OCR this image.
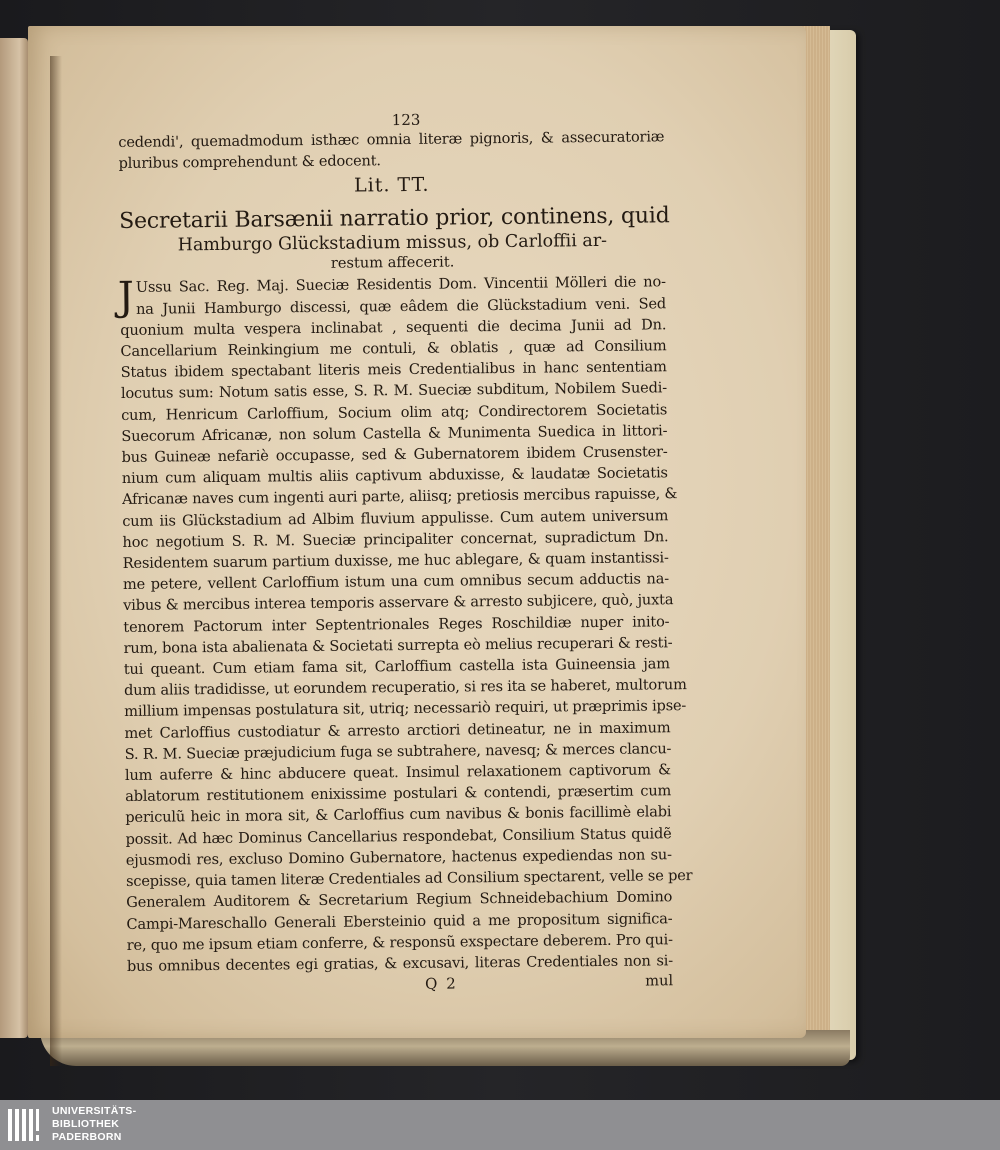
123
cedendi', quemadmodum isthæc omnia literæ pignoris, & assecuratoriæ
pluribus comprehendunt & edocent.
Lit. TT.
Secretarii Barsænii narratio prior, continens, quid
Hamburgo Glückstadium missus, ob Carloffii ar-
restum affecerit.
J Ussu Sac. Reg. Maj. Sueciæ Residentis Dom. Vincentii Mölleri die no-
na Junii Hamburgo discessi, quæ eâdem die Glückstadium veni. Sed
quonium multa vespera inclinabat , sequenti die decima Junii ad Dn.
Cancellarium Reinkingium me contuli, & oblatis , quæ ad Consilium
Status ibidem spectabant literis meis Credentialibus in hanc sententiam
locutus sum: Notum satis esse, S. R. M. Sueciæ subditum, Nobilem Suedi-
cum, Henricum Carloffium, Socium olim atq; Condirectorem Societatis
Suecorum Africanæ, non solum Castella & Munimenta Suedica in littori-
bus Guineæ nefariè occupasse, sed & Gubernatorem ibidem Crusenster-
nium cum aliquam multis aliis captivum abduxisse, & laudatæ Societatis
Africanæ naves cum ingenti auri parte, aliisq; pretiosis mercibus rapuisse, &
cum iis Glückstadium ad Albim fluvium appulisse. Cum autem universum
hoc negotium S. R. M. Sueciæ principaliter concernat, supradictum Dn.
Residentem suarum partium duxisse, me huc ablegare, & quam instantissi-
me petere, vellent Carloffium istum una cum omnibus secum adductis na-
vibus & mercibus interea temporis asservare & arresto subjicere, quò, juxta
tenorem Pactorum inter Septentrionales Reges Roschildiæ nuper inito-
rum, bona ista abalienata & Societati surrepta eò melius recuperari & resti-
tui queant. Cum etiam fama sit, Carloffium castella ista Guineensia jam
dum aliis tradidisse, ut eorundem recuperatio, si res ita se haberet, multorum
millium impensas postulatura sit, utriq; necessariò requiri, ut præprimis ipse-
met Carloffius custodiatur & arresto arctiori detineatur, ne in maximum
S. R. M. Sueciæ præjudicium fuga se subtrahere, navesq; & merces clancu-
lum auferre & hinc abducere queat. Insimul relaxationem captivorum &
ablatorum restitutionem enixissime postulari & contendi, præsertim cum
periculũ heic in mora sit, & Carloffius cum navibus & bonis facillimè elabi
possit. Ad hæc Dominus Cancellarius respondebat, Consilium Status quidẽ
ejusmodi res, excluso Domino Gubernatore, hactenus expediendas non su-
scepisse, quia tamen literæ Credentiales ad Consilium spectarent, velle se per
Generalem Auditorem & Secretarium Regium Schneidebachium Domino
Campi-Mareschallo Generali Ebersteinio quid a me propositum significa-
re, quo me ipsum etiam conferre, & responsũ exspectare deberem. Pro qui-
bus omnibus decentes egi gratias, & excusavi, literas Credentiales non si-
Q 2	mul
UNIVERSITÄTS-
BIBLIOTHEK
PADERBORN
